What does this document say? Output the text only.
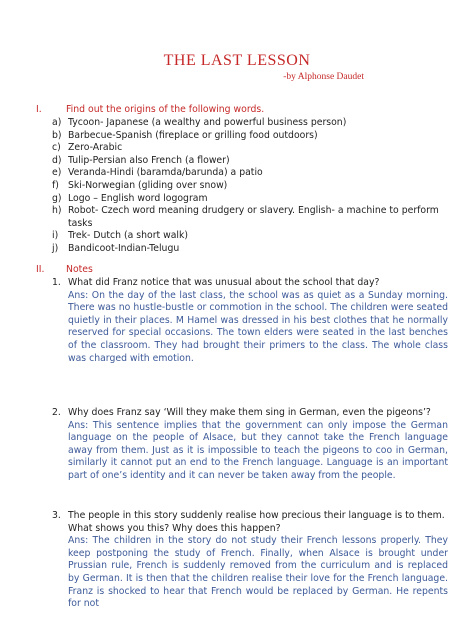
THE LAST LESSON
-by Alphonse Daudet
I.	Find out the origins of the following words.
a) Tycoon- Japanese (a wealthy and powerful business person)
b) Barbecue-Spanish (fireplace or grilling food outdoors)
c) Zero-Arabic
d) Tulip-Persian also French (a flower)
e) Veranda-Hindi (baramda/barunda) a patio
f) Ski-Norwegian (gliding over snow)
g) Logo – English word logogram
h) Robot- Czech word meaning drudgery or slavery. English- a machine to perform tasks
i)	Trek- Dutch (a short walk)
j)	Bandicoot-Indian-Telugu
II. Notes
1. What did Franz notice that was unusual about the school that day?
Ans: On the day of the last class, the school was as quiet as a Sunday morning. There was no hustle-bustle or commotion in the school. The children were seated quietly in their places. M Hamel was dressed in his best clothes that he normally reserved for special occasions. The town elders were seated in the last benches of the classroom. They had brought their primers to the class. The whole class was charged with emotion.
2. Why does Franz say ‘Will they make them sing in German, even the pigeons’?
Ans: This sentence implies that the government can only impose the German language on the people of Alsace, but they cannot take the French language away from them. Just as it is impossible to teach the pigeons to coo in German, similarly it cannot put an end to the French language. Language is an important part of one’s identity and it can never be taken away from the people.
3. The people in this story suddenly realise how precious their language is to them. What shows you this? Why does this happen?
Ans: The children in the story do not study their French lessons properly. They keep postponing the study of French. Finally, when Alsace is brought under Prussian rule, French is suddenly removed from the curriculum and is replaced by German. It is then that the children realise their love for the French language. Franz is shocked to hear that French would be replaced by German. He repents for not
